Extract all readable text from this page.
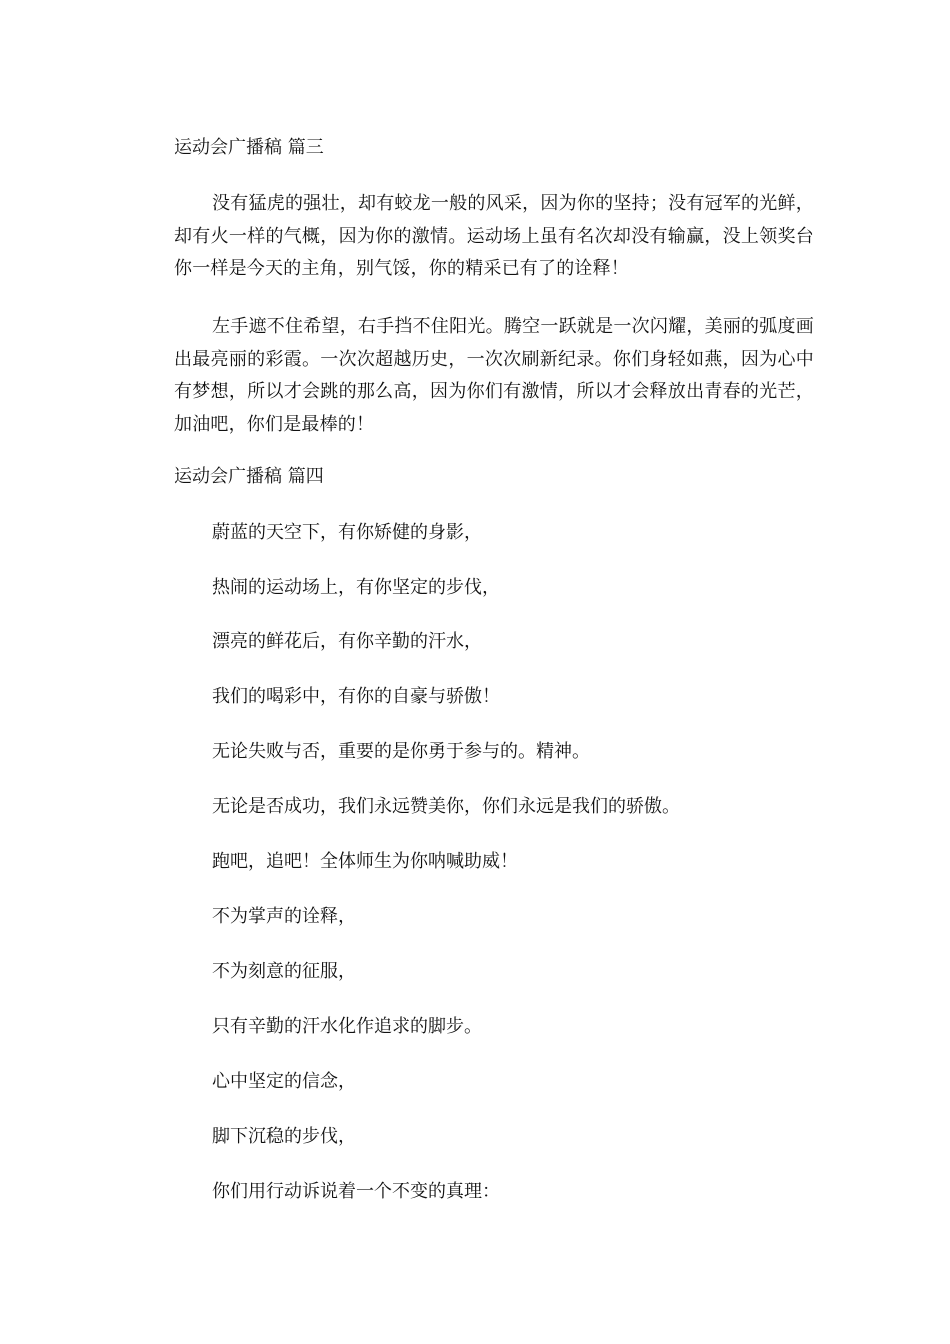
运动会广播稿 篇三
没有猛虎的强壮，却有蛟龙一般的风采，因为你的坚持；没有冠军的光鲜，却有火一样的气概，因为你的激情。运动场上虽有名次却没有输赢，没上领奖台你一样是今天的主角，别气馁，你的精采已有了的诠释！
左手遮不住希望，右手挡不住阳光。腾空一跃就是一次闪耀，美丽的弧度画出最亮丽的彩霞。一次次超越历史，一次次刷新纪录。你们身轻如燕，因为心中有梦想，所以才会跳的那么高，因为你们有激情，所以才会释放出青春的光芒，加油吧，你们是最棒的！
运动会广播稿 篇四
蔚蓝的天空下，有你矫健的身影，
热闹的运动场上，有你坚定的步伐，
漂亮的鲜花后，有你辛勤的汗水，
我们的喝彩中，有你的自豪与骄傲！
无论失败与否，重要的是你勇于参与的。精神。
无论是否成功，我们永远赞美你，你们永远是我们的骄傲。
跑吧，追吧！全体师生为你呐喊助威！
不为掌声的诠释，
不为刻意的征服，
只有辛勤的汗水化作追求的脚步。
心中坚定的信念，
脚下沉稳的步伐，
你们用行动诉说着一个不变的真理：
